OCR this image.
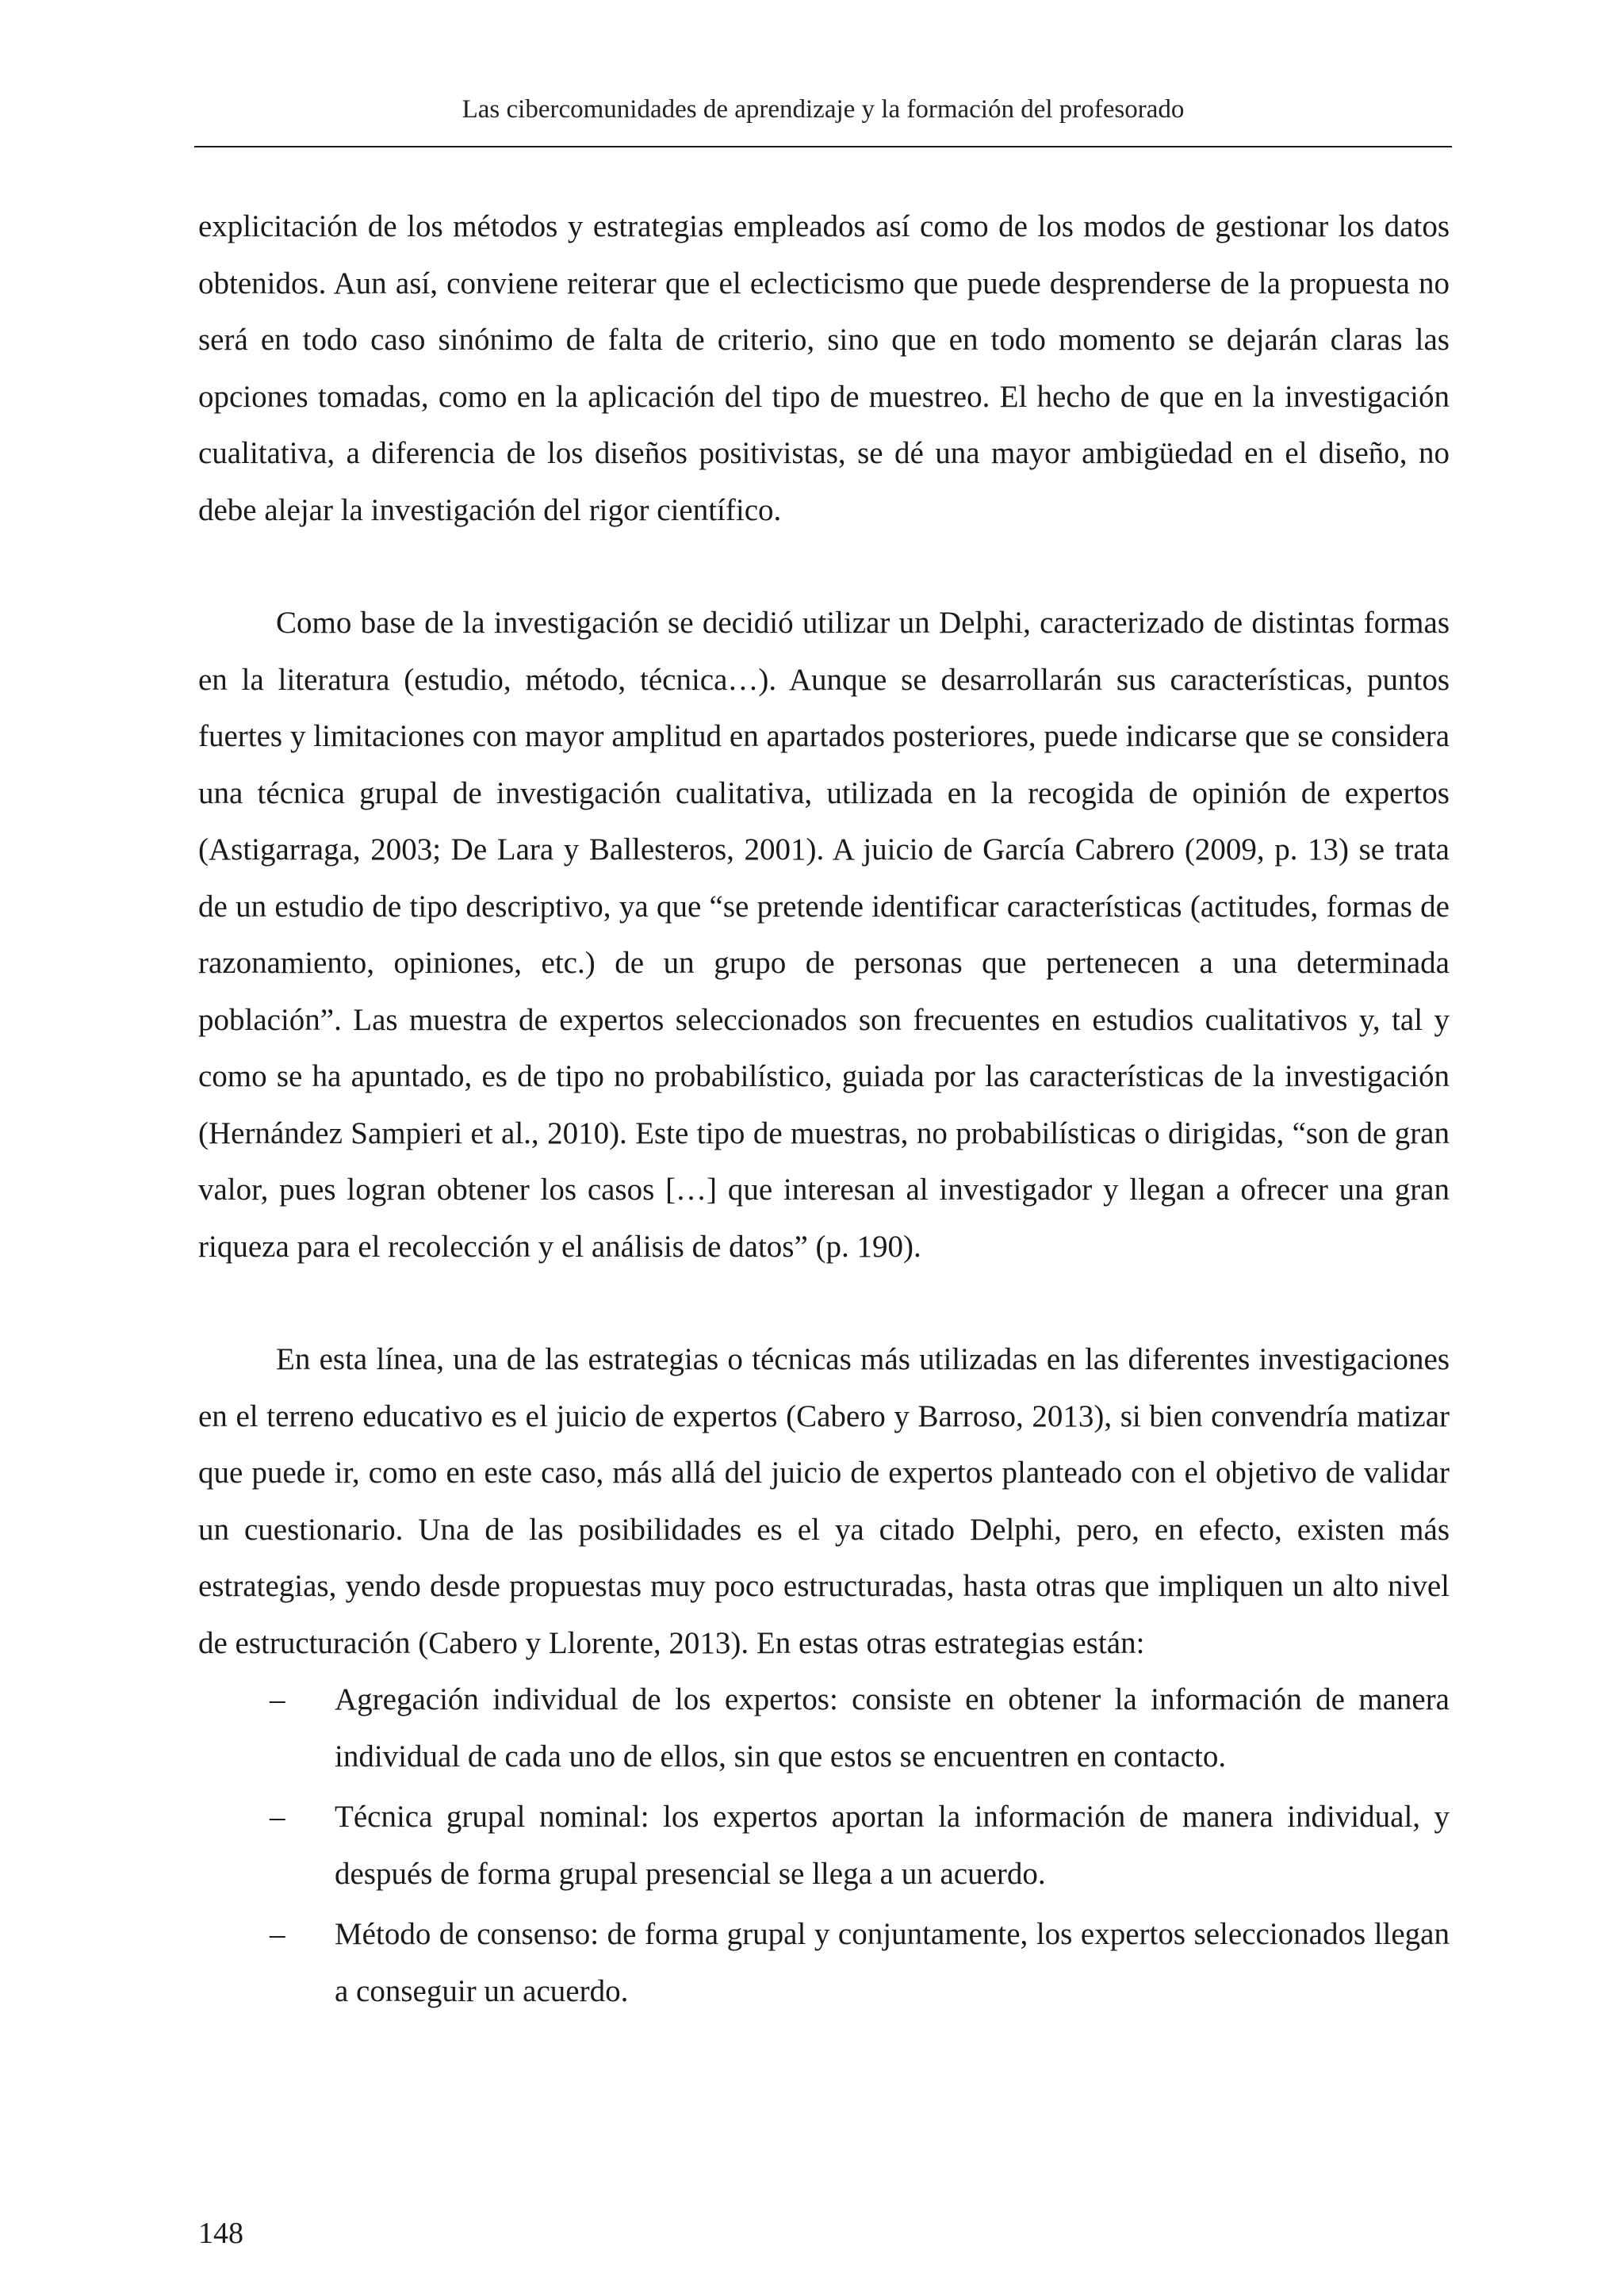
Las cibercomunidades de aprendizaje y la formación del profesorado

explicitación de los métodos y estrategias empleados así como de los modos de gestionar los datos obtenidos. Aun así, conviene reiterar que el eclecticismo que puede desprenderse de la propuesta no será en todo caso sinónimo de falta de criterio, sino que en todo momento se dejarán claras las opciones tomadas, como en la aplicación del tipo de muestreo. El hecho de que en la investigación cualitativa, a diferencia de los diseños positivistas, se dé una mayor ambigüedad en el diseño, no debe alejar la investigación del rigor científico.

Como base de la investigación se decidió utilizar un Delphi, caracterizado de distintas formas en la literatura (estudio, método, técnica…). Aunque se desarrollarán sus características, puntos fuertes y limitaciones con mayor amplitud en apartados posteriores, puede indicarse que se considera una técnica grupal de investigación cualitativa, utilizada en la recogida de opinión de expertos (Astigarraga, 2003; De Lara y Ballesteros, 2001). A juicio de García Cabrero (2009, p. 13) se trata de un estudio de tipo descriptivo, ya que “se pretende identificar características (actitudes, formas de razonamiento, opiniones, etc.) de un grupo de personas que pertenecen a una determinada población”. Las muestra de expertos seleccionados son frecuentes en estudios cualitativos y, tal y como se ha apuntado, es de tipo no probabilístico, guiada por las características de la investigación (Hernández Sampieri et al., 2010). Este tipo de muestras, no probabilísticas o dirigidas, “son de gran valor, pues logran obtener los casos […] que interesan al investigador y llegan a ofrecer una gran riqueza para el recolección y el análisis de datos” (p. 190).

En esta línea, una de las estrategias o técnicas más utilizadas en las diferentes investigaciones en el terreno educativo es el juicio de expertos (Cabero y Barroso, 2013), si bien convendría matizar que puede ir, como en este caso, más allá del juicio de expertos planteado con el objetivo de validar un cuestionario. Una de las posibilidades es el ya citado Delphi, pero, en efecto, existen más estrategias, yendo desde propuestas muy poco estructuradas, hasta otras que impliquen un alto nivel de estructuración (Cabero y Llorente, 2013). En estas otras estrategias están:

– Agregación individual de los expertos: consiste en obtener la información de manera individual de cada uno de ellos, sin que estos se encuentren en contacto.
– Técnica grupal nominal: los expertos aportan la información de manera individual, y después de forma grupal presencial se llega a un acuerdo.
– Método de consenso: de forma grupal y conjuntamente, los expertos seleccionados llegan a conseguir un acuerdo.
148
